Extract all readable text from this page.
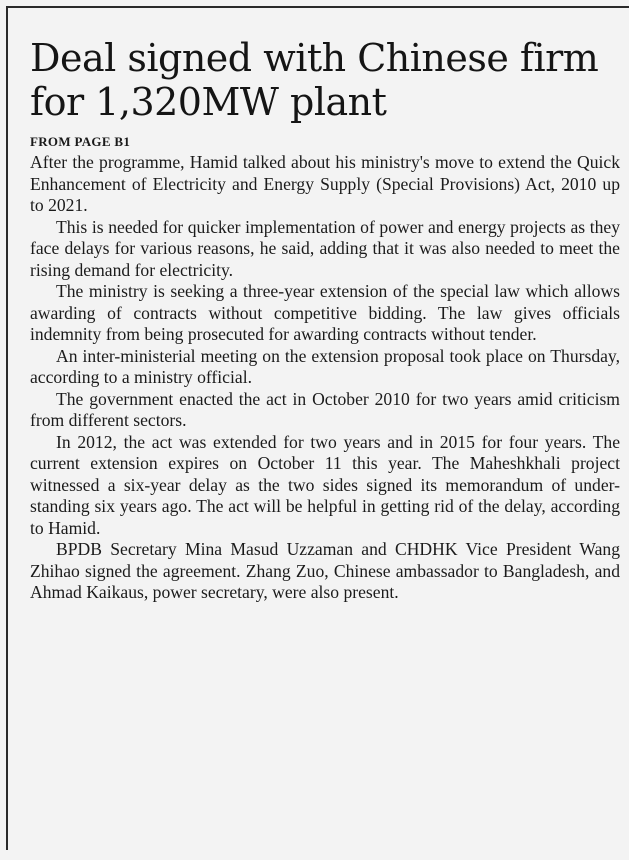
Deal signed with Chinese firm for 1,320MW plant
FROM PAGE B1

After the programme, Hamid talked about his ministry's move to extend the Quick Enhancement of Electricity and Energy Supply (Special Provisions) Act, 2010 up to 2021.

This is needed for quicker implementation of power and energy projects as they face delays for various reasons, he said, adding that it was also needed to meet the rising demand for electricity.

The ministry is seeking a three-year extension of the special law which allows awarding of contracts without competitive bidding. The law gives officials indemnity from being prosecuted for awarding contracts without tender.

An inter-ministerial meeting on the extension proposal took place on Thursday, according to a ministry official.

The government enacted the act in October 2010 for two years amid criticism from different sectors.

In 2012, the act was extended for two years and in 2015 for four years. The current extension expires on October 11 this year. The Maheshkhali project witnessed a six-year delay as the two sides signed its memorandum of under-standing six years ago. The act will be helpful in getting rid of the delay, according to Hamid.

BPDB Secretary Mina Masud Uzzaman and CHDHK Vice President Wang Zhihao signed the agreement. Zhang Zuo, Chinese ambassador to Bangladesh, and Ahmad Kaikaus, power secretary, were also present.
